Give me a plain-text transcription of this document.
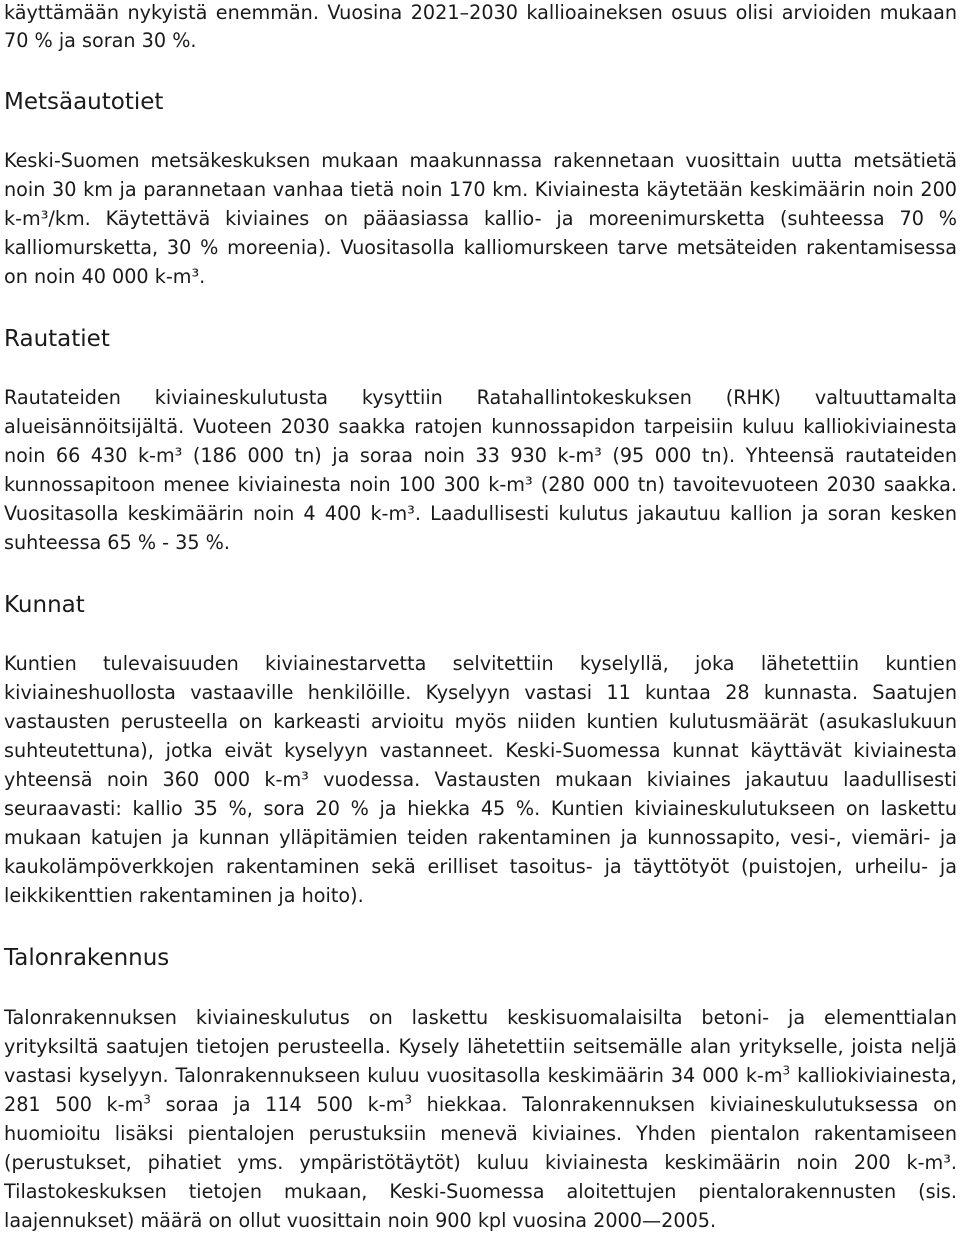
käyttämään nykyistä enemmän. Vuosina 2021–2030 kallioaineksen osuus olisi arvioiden mukaan
70 % ja soran 30 %.
Metsäautotiet
Keski-Suomen metsäkeskuksen mukaan maakunnassa rakennetaan vuosittain uutta metsätietä
noin 30 km ja parannetaan vanhaa tietä noin 170 km. Kiviainesta käytetään keskimäärin noin 200
k-m³/km. Käytettävä kiviaines on pääasiassa kallio- ja moreenimursketta (suhteessa 70 %
kalliomursketta, 30 % moreenia). Vuositasolla kalliomurskeen tarve metsäteiden rakentamisessa
on noin 40 000 k-m³.
Rautatiet
Rautateiden kiviaineskulutusta kysyttiin Ratahallintokeskuksen (RHK) valtuuttamalta
alueisännöitsijältä. Vuoteen 2030 saakka ratojen kunnossapidon tarpeisiin kuluu kalliokiviainesta
noin 66 430 k-m³ (186 000 tn) ja soraa noin 33 930 k-m³ (95 000 tn). Yhteensä rautateiden
kunnossapitoon menee kiviainesta noin 100 300 k-m³ (280 000 tn) tavoitevuoteen 2030 saakka.
Vuositasolla keskimäärin noin 4 400 k-m³. Laadullisesti kulutus jakautuu kallion ja soran kesken
suhteessa 65 % - 35 %.
Kunnat
Kuntien tulevaisuuden kiviainestarvetta selvitettiin kyselyllä, joka lähetettiin kuntien
kiviaineshuollosta vastaaville henkilöille. Kyselyyn vastasi 11 kuntaa 28 kunnasta. Saatujen
vastausten perusteella on karkeasti arvioitu myös niiden kuntien kulutusmäärät (asukaslukuun
suhteutettuna), jotka eivät kyselyyn vastanneet. Keski-Suomessa kunnat käyttävät kiviainesta
yhteensä noin 360 000 k-m³ vuodessa. Vastausten mukaan kiviaines jakautuu laadullisesti
seuraavasti: kallio 35 %, sora 20 % ja hiekka 45 %. Kuntien kiviaineskulutukseen on laskettu
mukaan katujen ja kunnan ylläpitämien teiden rakentaminen ja kunnossapito, vesi-, viemäri- ja
kaukolämpöverkkojen rakentaminen sekä erilliset tasoitus- ja täyttötyöt (puistojen, urheilu- ja
leikkikenttien rakentaminen ja hoito).
Talonrakennus
Talonrakennuksen kiviaineskulutus on laskettu keskisuomalaisilta betoni- ja elementtialan
yrityksiltä saatujen tietojen perusteella. Kysely lähetettiin seitsemälle alan yritykselle, joista neljä
vastasi kyselyyn. Talonrakennukseen kuluu vuositasolla keskimäärin 34 000 $k-m^3$ kalliokiviainesta,
281 500 $k-m^3$ soraa ja 114 500 $k-m^3$ hiekkaa. Talonrakennuksen kiviaineskulutuksessa on
huomioitu lisäksi pientalojen perustuksiin menevä kiviaines. Yhden pientalon rakentamiseen
(perustukset, pihatiet yms. ympäristötäytöt) kuluu kiviainesta keskimäärin noin 200 k-m³.
Tilastokeskuksen tietojen mukaan, Keski-Suomessa aloitettujen pientalorakennusten (sis.
laajennukset) määrä on ollut vuosittain noin 900 kpl vuosina 2000—2005.
